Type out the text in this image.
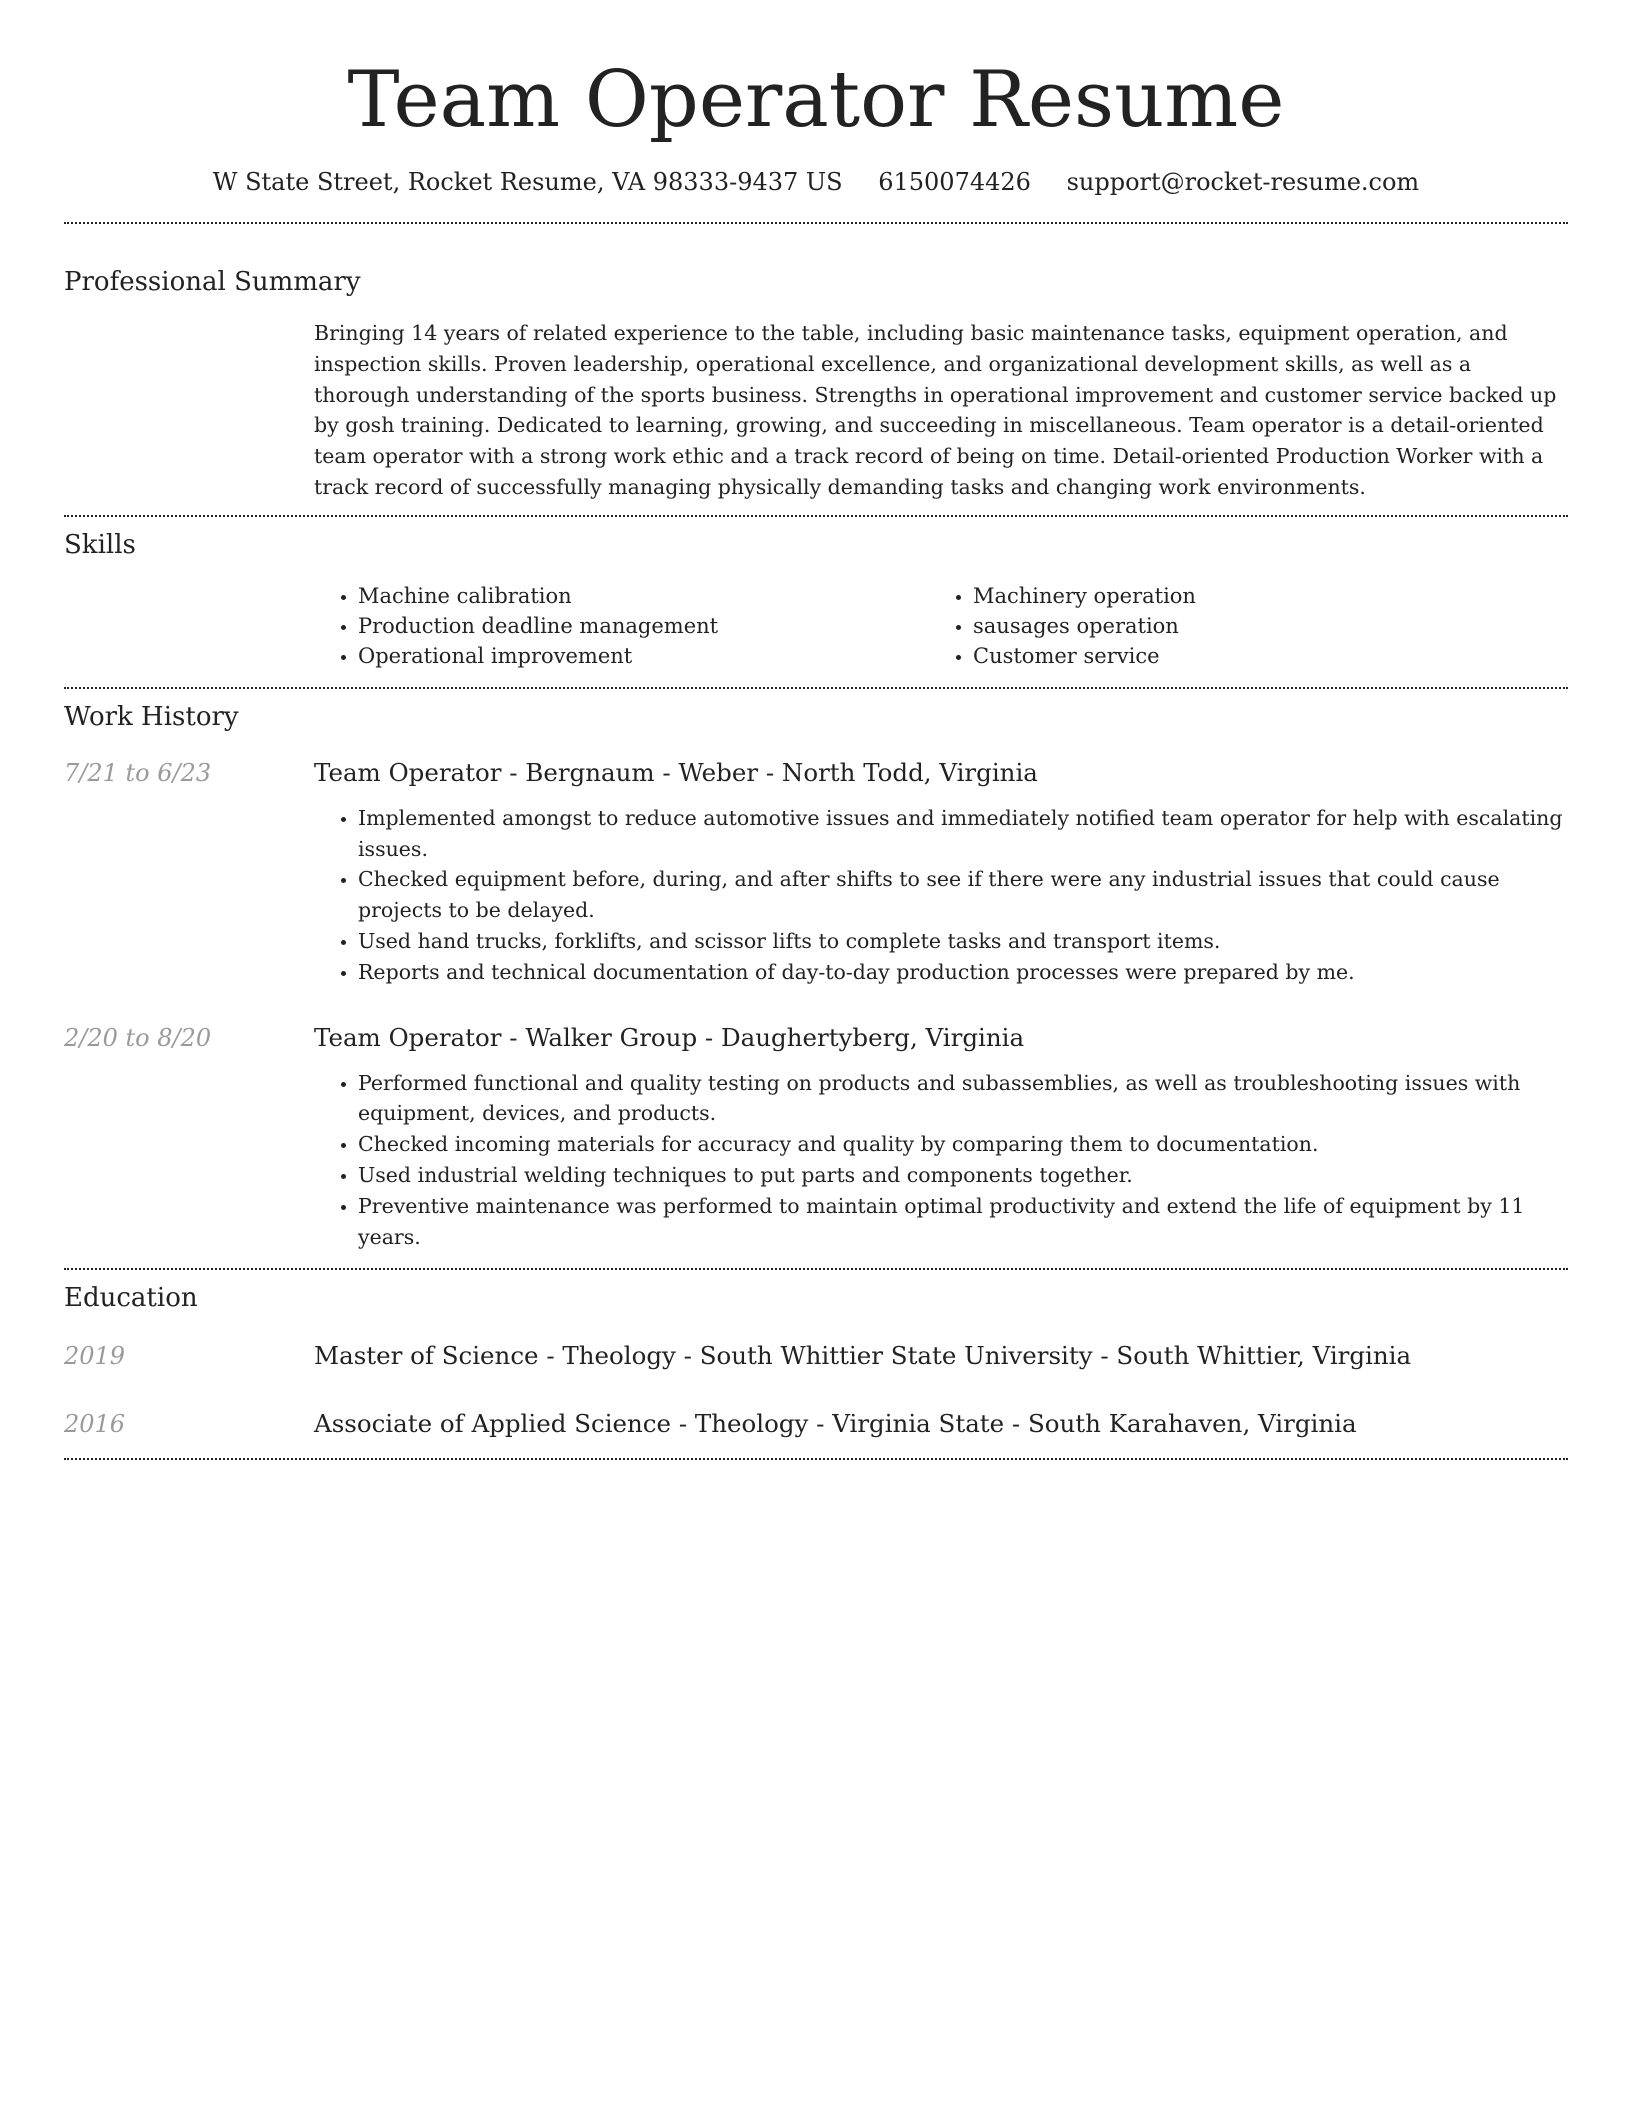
Team Operator Resume
W State Street, Rocket Resume, VA 98333-9437 US 6150074426 support@rocket-resume.com
Professional Summary

Bringing 14 years of related experience to the table, including basic maintenance tasks, equipment operation, and inspection skills. Proven leadership, operational excellence, and organizational development skills, as well as a thorough understanding of the sports business. Strengths in operational improvement and customer service backed up by gosh training. Dedicated to learning, growing, and succeeding in miscellaneous. Team operator is a detail-oriented team operator with a strong work ethic and a track record of being on time. Detail-oriented Production Worker with a track record of successfully managing physically demanding tasks and changing work environments.

Skills
• Machine calibration
• Production deadline management
• Operational improvement
• Machinery operation
• sausages operation
• Customer service
Work History
7/21 to 6/23	Team Operator - Bergnaum - Weber - North Todd, Virginia

• Implemented amongst to reduce automotive issues and immediately notified team operator for help with escalating issues.
• Checked equipment before, during, and after shifts to see if there were any industrial issues that could cause projects to be delayed.
• Used hand trucks, forklifts, and scissor lifts to complete tasks and transport items.
• Reports and technical documentation of day-to-day production processes were prepared by me.
2/20 to 8/20	Team Operator - Walker Group - Daughertyberg, Virginia

• Performed functional and quality testing on products and subassemblies, as well as troubleshooting issues with equipment, devices, and products.
• Checked incoming materials for accuracy and quality by comparing them to documentation.
• Used industrial welding techniques to put parts and components together.
• Preventive maintenance was performed to maintain optimal productivity and extend the life of equipment by 11 years.
Education
2019	Master of Science - Theology - South Whittier State University - South Whittier, Virginia

2016	Associate of Applied Science - Theology - Virginia State - South Karahaven, Virginia
